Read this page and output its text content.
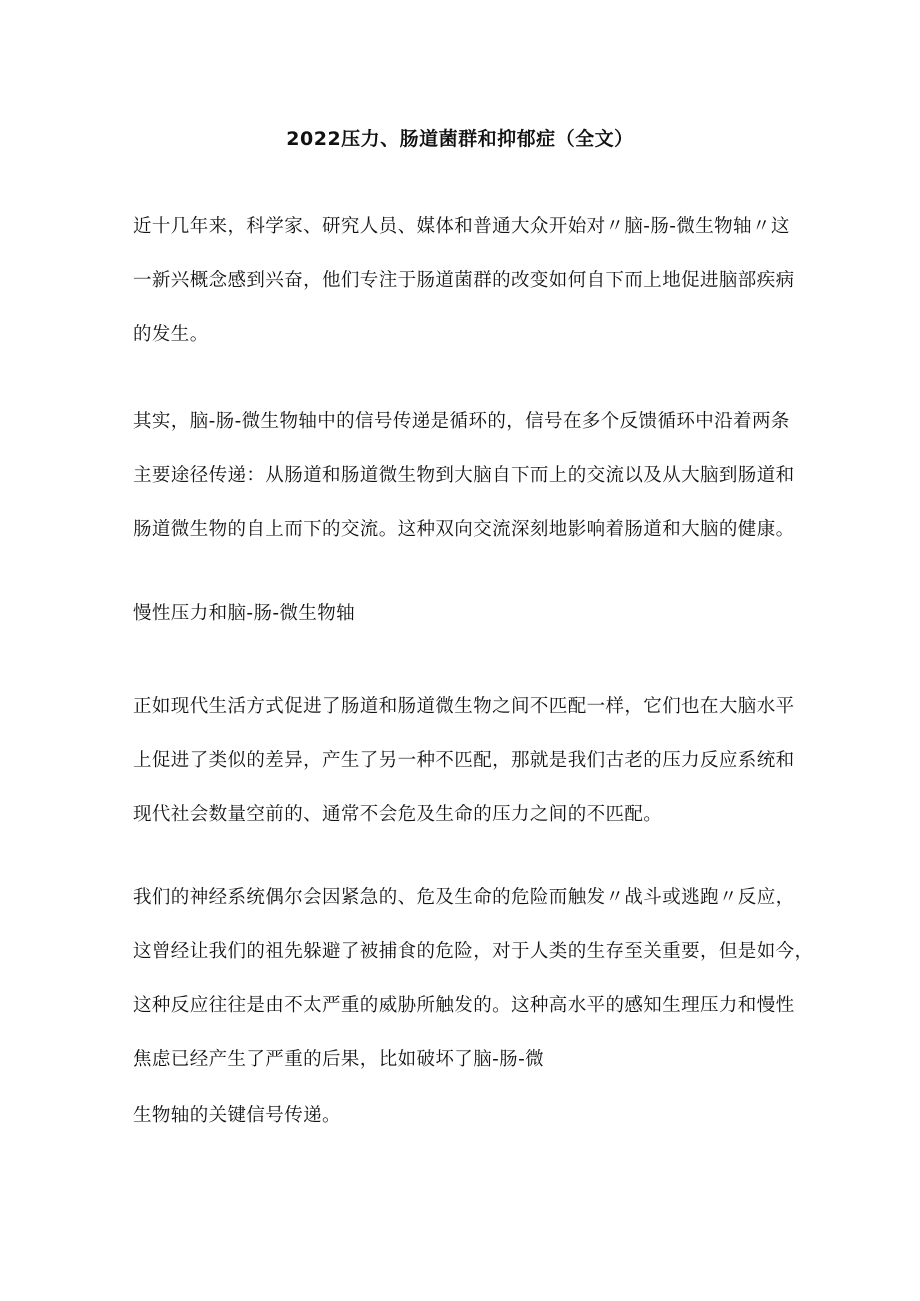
2022压力、肠道菌群和抑郁症（全文）
近十几年来，科学家、研究人员、媒体和普通大众开始对〃脑-肠-微生物轴〃这
一新兴概念感到兴奋，他们专注于肠道菌群的改变如何自下而上地促进脑部疾病
的发生。
其实，脑-肠-微生物轴中的信号传递是循环的，信号在多个反馈循环中沿着两条
主要途径传递：从肠道和肠道微生物到大脑自下而上的交流以及从大脑到肠道和
肠道微生物的自上而下的交流。这种双向交流深刻地影响着肠道和大脑的健康。
慢性压力和脑-肠-微生物轴
正如现代生活方式促进了肠道和肠道微生物之间不匹配一样，它们也在大脑水平
上促进了类似的差异，产生了另一种不匹配，那就是我们古老的压力反应系统和
现代社会数量空前的、通常不会危及生命的压力之间的不匹配。
我们的神经系统偶尔会因紧急的、危及生命的危险而触发〃战斗或逃跑〃反应，
这曾经让我们的祖先躲避了被捕食的危险，对于人类的生存至关重要，但是如今，
这种反应往往是由不太严重的威胁所触发的。这种高水平的感知生理压力和慢性
焦虑已经产生了严重的后果，比如破坏了脑-肠-微
生物轴的关键信号传递。
